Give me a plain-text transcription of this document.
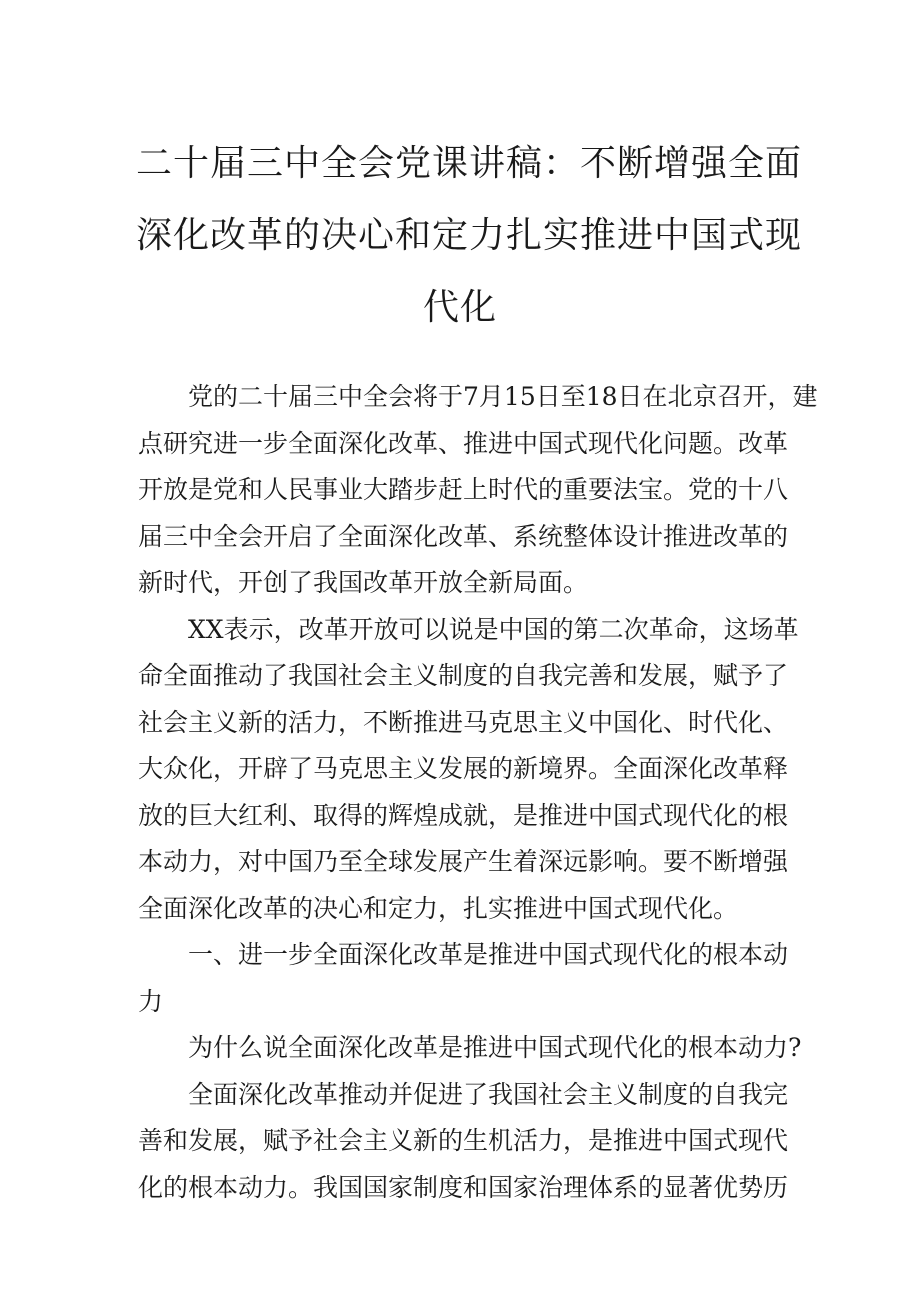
二十届三中全会党课讲稿：不断增强全面
深化改革的决心和定力扎实推进中国式现
代化
党的二十届三中全会将于7月15日至18日在北京召开，建
点研究进一步全面深化改革、推进中国式现代化问题。改革
开放是党和人民事业大踏步赶上时代的重要法宝。党的十八
届三中全会开启了全面深化改革、系统整体设计推进改革的
新时代，开创了我国改革开放全新局面。
XX表示，改革开放可以说是中国的第二次革命，这场革
命全面推动了我国社会主义制度的自我完善和发展，赋予了
社会主义新的活力，不断推进马克思主义中国化、时代化、
大众化，开辟了马克思主义发展的新境界。全面深化改革释
放的巨大红利、取得的辉煌成就，是推进中国式现代化的根
本动力，对中国乃至全球发展产生着深远影响。要不断增强
全面深化改革的决心和定力，扎实推进中国式现代化。
一、进一步全面深化改革是推进中国式现代化的根本动
力
为什么说全面深化改革是推进中国式现代化的根本动力?
全面深化改革推动并促进了我国社会主义制度的自我完
善和发展，赋予社会主义新的生机活力，是推进中国式现代
化的根本动力。我国国家制度和国家治理体系的显著优势历
